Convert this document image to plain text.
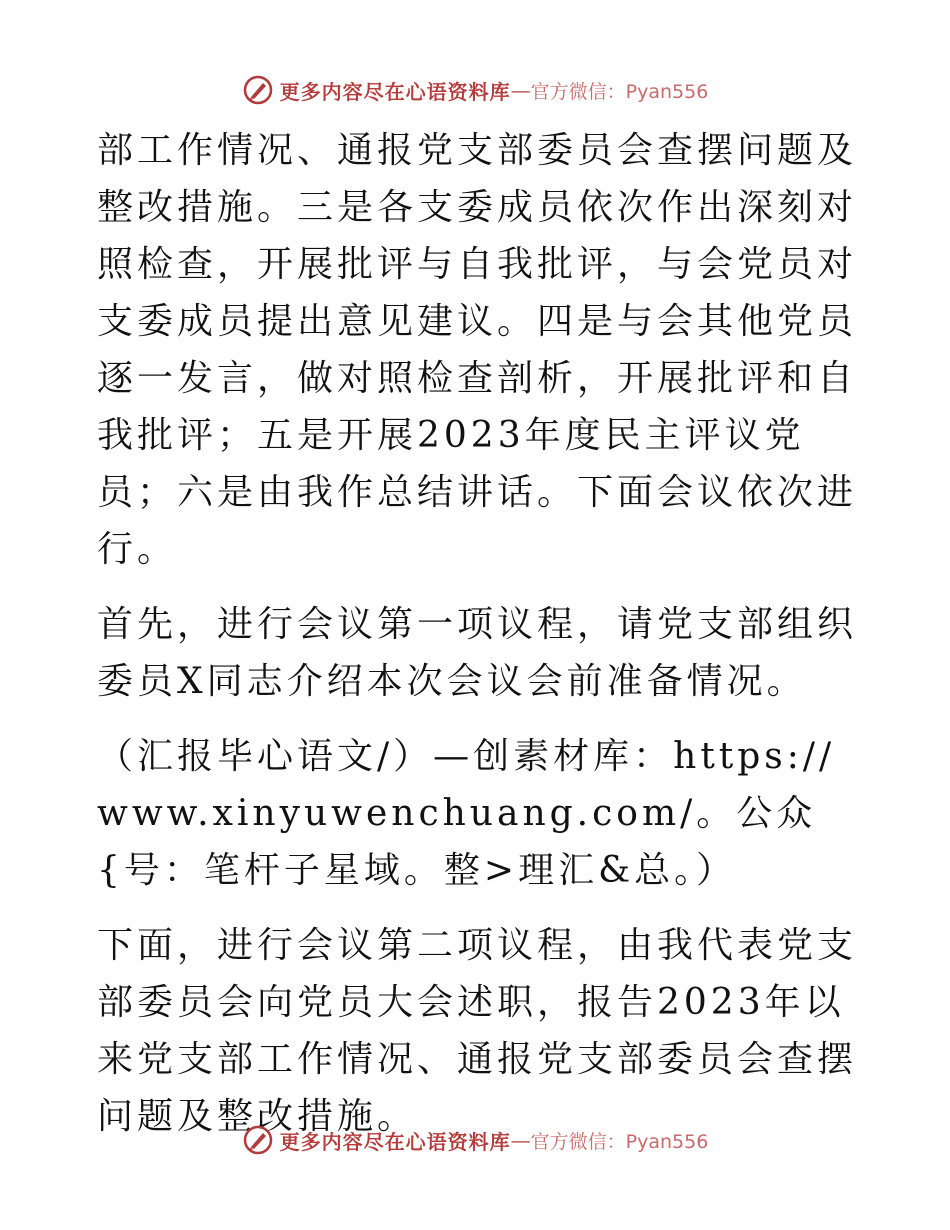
更多内容尽在心语资料库 — 官方微信：Pyan556

部工作情况、通报党支部委员会查摆问题及整改措施。三是各支委成员依次作出深刻对照检查，开展批评与自我批评，与会党员对支委成员提出意见建议。四是与会其他党员逐一发言，做对照检查剖析，开展批评和自我批评；五是开展2023年度民主评议党员；六是由我作总结讲话。下面会议依次进行。

首先，进行会议第一项议程，请党支部组织委员X同志介绍本次会议会前准备情况。

（汇报毕心语文/）—创素材库：https://www.xinyuwenchuang.com/。公众{号：笔杆子星域。整>理汇&总。）

下面，进行会议第二项议程，由我代表党支部委员会向党员大会述职，报告2023年以来党支部工作情况、通报党支部委员会查摆问题及整改措施。

更多内容尽在心语资料库 — 官方微信：Pyan556
